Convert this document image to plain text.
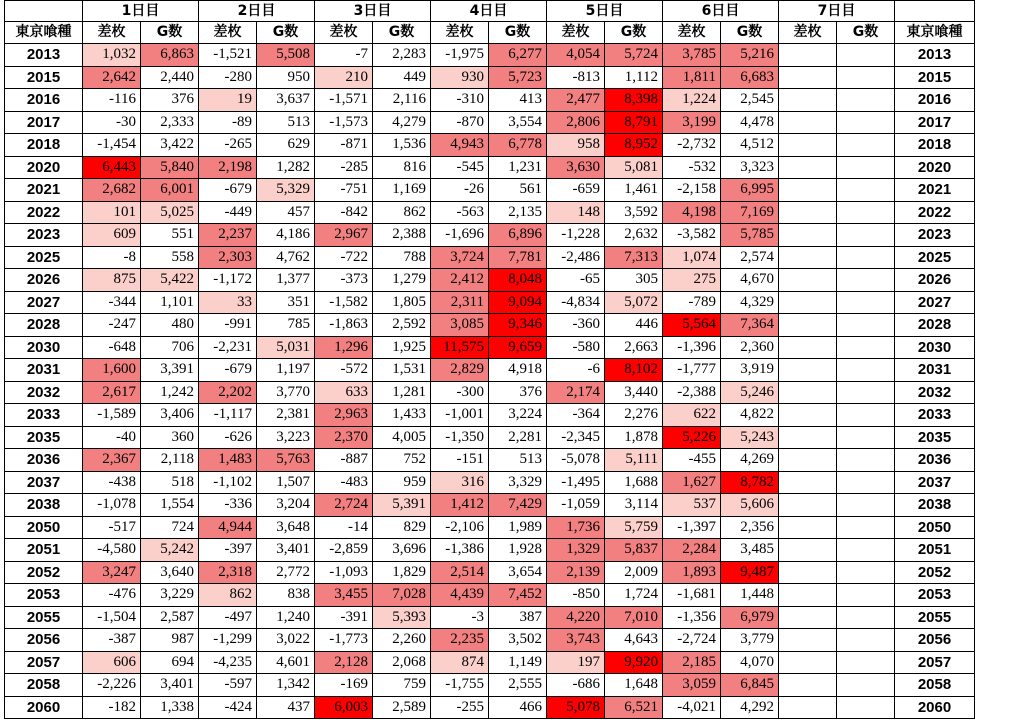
	1日目		2日目		3日目		4日目		5日目		6日目		7日目		
東京喰種	差枚	G数	差枚	G数	差枚	G数	差枚	G数	差枚	G数	差枚	G数	差枚	G数	東京喰種
2013	1,032	6,863	-1,521	5,508	-7	2,283	-1,975	6,277	4,054	5,724	3,785	5,216			2013
2015	2,642	2,440	-280	950	210	449	930	5,723	-813	1,112	1,811	6,683			2015
2016	-116	376	19	3,637	-1,571	2,116	-310	413	2,477	8,398	1,224	2,545			2016
2017	-30	2,333	-89	513	-1,573	4,279	-870	3,554	2,806	8,791	3,199	4,478			2017
2018	-1,454	3,422	-265	629	-871	1,536	4,943	6,778	958	8,952	-2,732	4,512			2018
2020	6,443	5,840	2,198	1,282	-285	816	-545	1,231	3,630	5,081	-532	3,323			2020
2021	2,682	6,001	-679	5,329	-751	1,169	-26	561	-659	1,461	-2,158	6,995			2021
2022	101	5,025	-449	457	-842	862	-563	2,135	148	3,592	4,198	7,169			2022
2023	609	551	2,237	4,186	2,967	2,388	-1,696	6,896	-1,228	2,632	-3,582	5,785			2023
2025	-8	558	2,303	4,762	-722	788	3,724	7,781	-2,486	7,313	1,074	2,574			2025
2026	875	5,422	-1,172	1,377	-373	1,279	2,412	8,048	-65	305	275	4,670			2026
2027	-344	1,101	33	351	-1,582	1,805	2,311	9,094	-4,834	5,072	-789	4,329			2027
2028	-247	480	-991	785	-1,863	2,592	3,085	9,346	-360	446	5,564	7,364			2028
2030	-648	706	-2,231	5,031	1,296	1,925	11,575	9,659	-580	2,663	-1,396	2,360			2030
2031	1,600	3,391	-679	1,197	-572	1,531	2,829	4,918	-6	8,102	-1,777	3,919			2031
2032	2,617	1,242	2,202	3,770	633	1,281	-300	376	2,174	3,440	-2,388	5,246			2032
2033	-1,589	3,406	-1,117	2,381	2,963	1,433	-1,001	3,224	-364	2,276	622	4,822			2033
2035	-40	360	-626	3,223	2,370	4,005	-1,350	2,281	-2,345	1,878	5,226	5,243			2035
2036	2,367	2,118	1,483	5,763	-887	752	-151	513	-5,078	5,111	-455	4,269			2036
2037	-438	518	-1,102	1,507	-483	959	316	3,329	-1,495	1,688	1,627	8,782			2037
2038	-1,078	1,554	-336	3,204	2,724	5,391	1,412	7,429	-1,059	3,114	537	5,606			2038
2050	-517	724	4,944	3,648	-14	829	-2,106	1,989	1,736	5,759	-1,397	2,356			2050
2051	-4,580	5,242	-397	3,401	-2,859	3,696	-1,386	1,928	1,329	5,837	2,284	3,485			2051
2052	3,247	3,640	2,318	2,772	-1,093	1,829	2,514	3,654	2,139	2,009	1,893	9,487			2052
2053	-476	3,229	862	838	3,455	7,028	4,439	7,452	-850	1,724	-1,681	1,448			2053
2055	-1,504	2,587	-497	1,240	-391	5,393	-3	387	4,220	7,010	-1,356	6,979			2055
2056	-387	987	-1,299	3,022	-1,773	2,260	2,235	3,502	3,743	4,643	-2,724	3,779			2056
2057	606	694	-4,235	4,601	2,128	2,068	874	1,149	197	9,920	2,185	4,070			2057
2058	-2,226	3,401	-597	1,342	-169	759	-1,755	2,555	-686	1,648	3,059	6,845			2058
2060	-182	1,338	-424	437	6,003	2,589	-255	466	5,078	6,521	-4,021	4,292			2060
